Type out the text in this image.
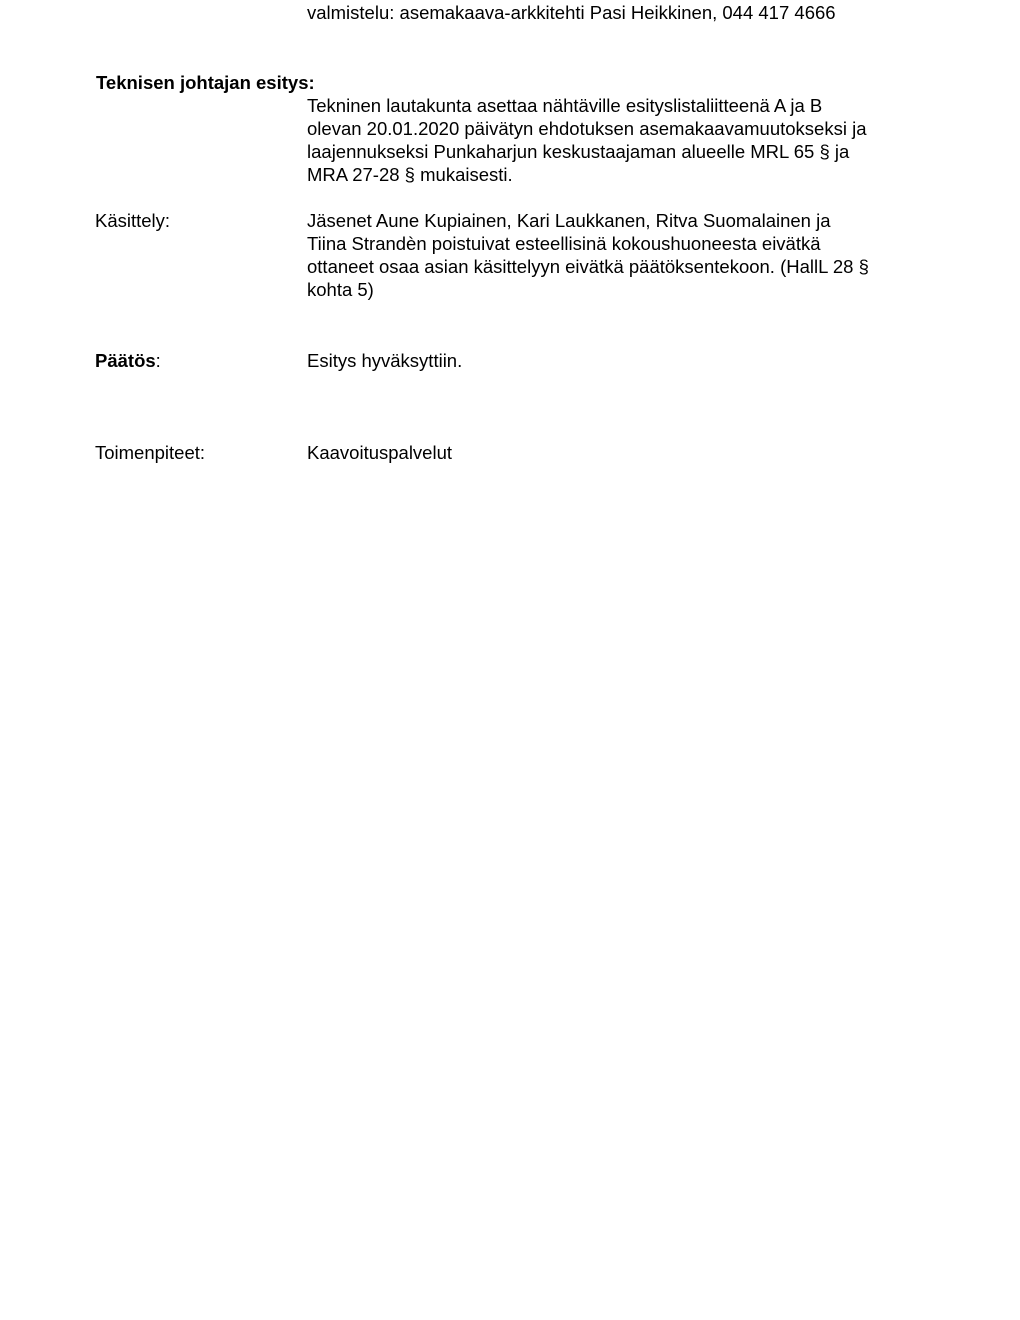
valmistelu: asemakaava-arkkitehti Pasi Heikkinen, 044 417 4666
Teknisen johtajan esitys:
Tekninen lautakunta asettaa nähtäville esityslistaliitteenä A ja B
olevan 20.01.2020 päivätyn ehdotuksen asemakaavamuutokseksi ja
laajennukseksi Punkaharjun keskustaajaman alueelle MRL 65 § ja
MRA 27-28 § mukaisesti.
Käsittely:	Jäsenet Aune Kupiainen, Kari Laukkanen, Ritva Suomalainen ja
Tiina Strandèn poistuivat esteellisinä kokoushuoneesta eivätkä
ottaneet osaa asian käsittelyyn eivätkä päätöksentekoon. (HallL 28 §
kohta 5)
Päätös:	Esitys hyväksyttiin.
Toimenpiteet:	Kaavoituspalvelut
